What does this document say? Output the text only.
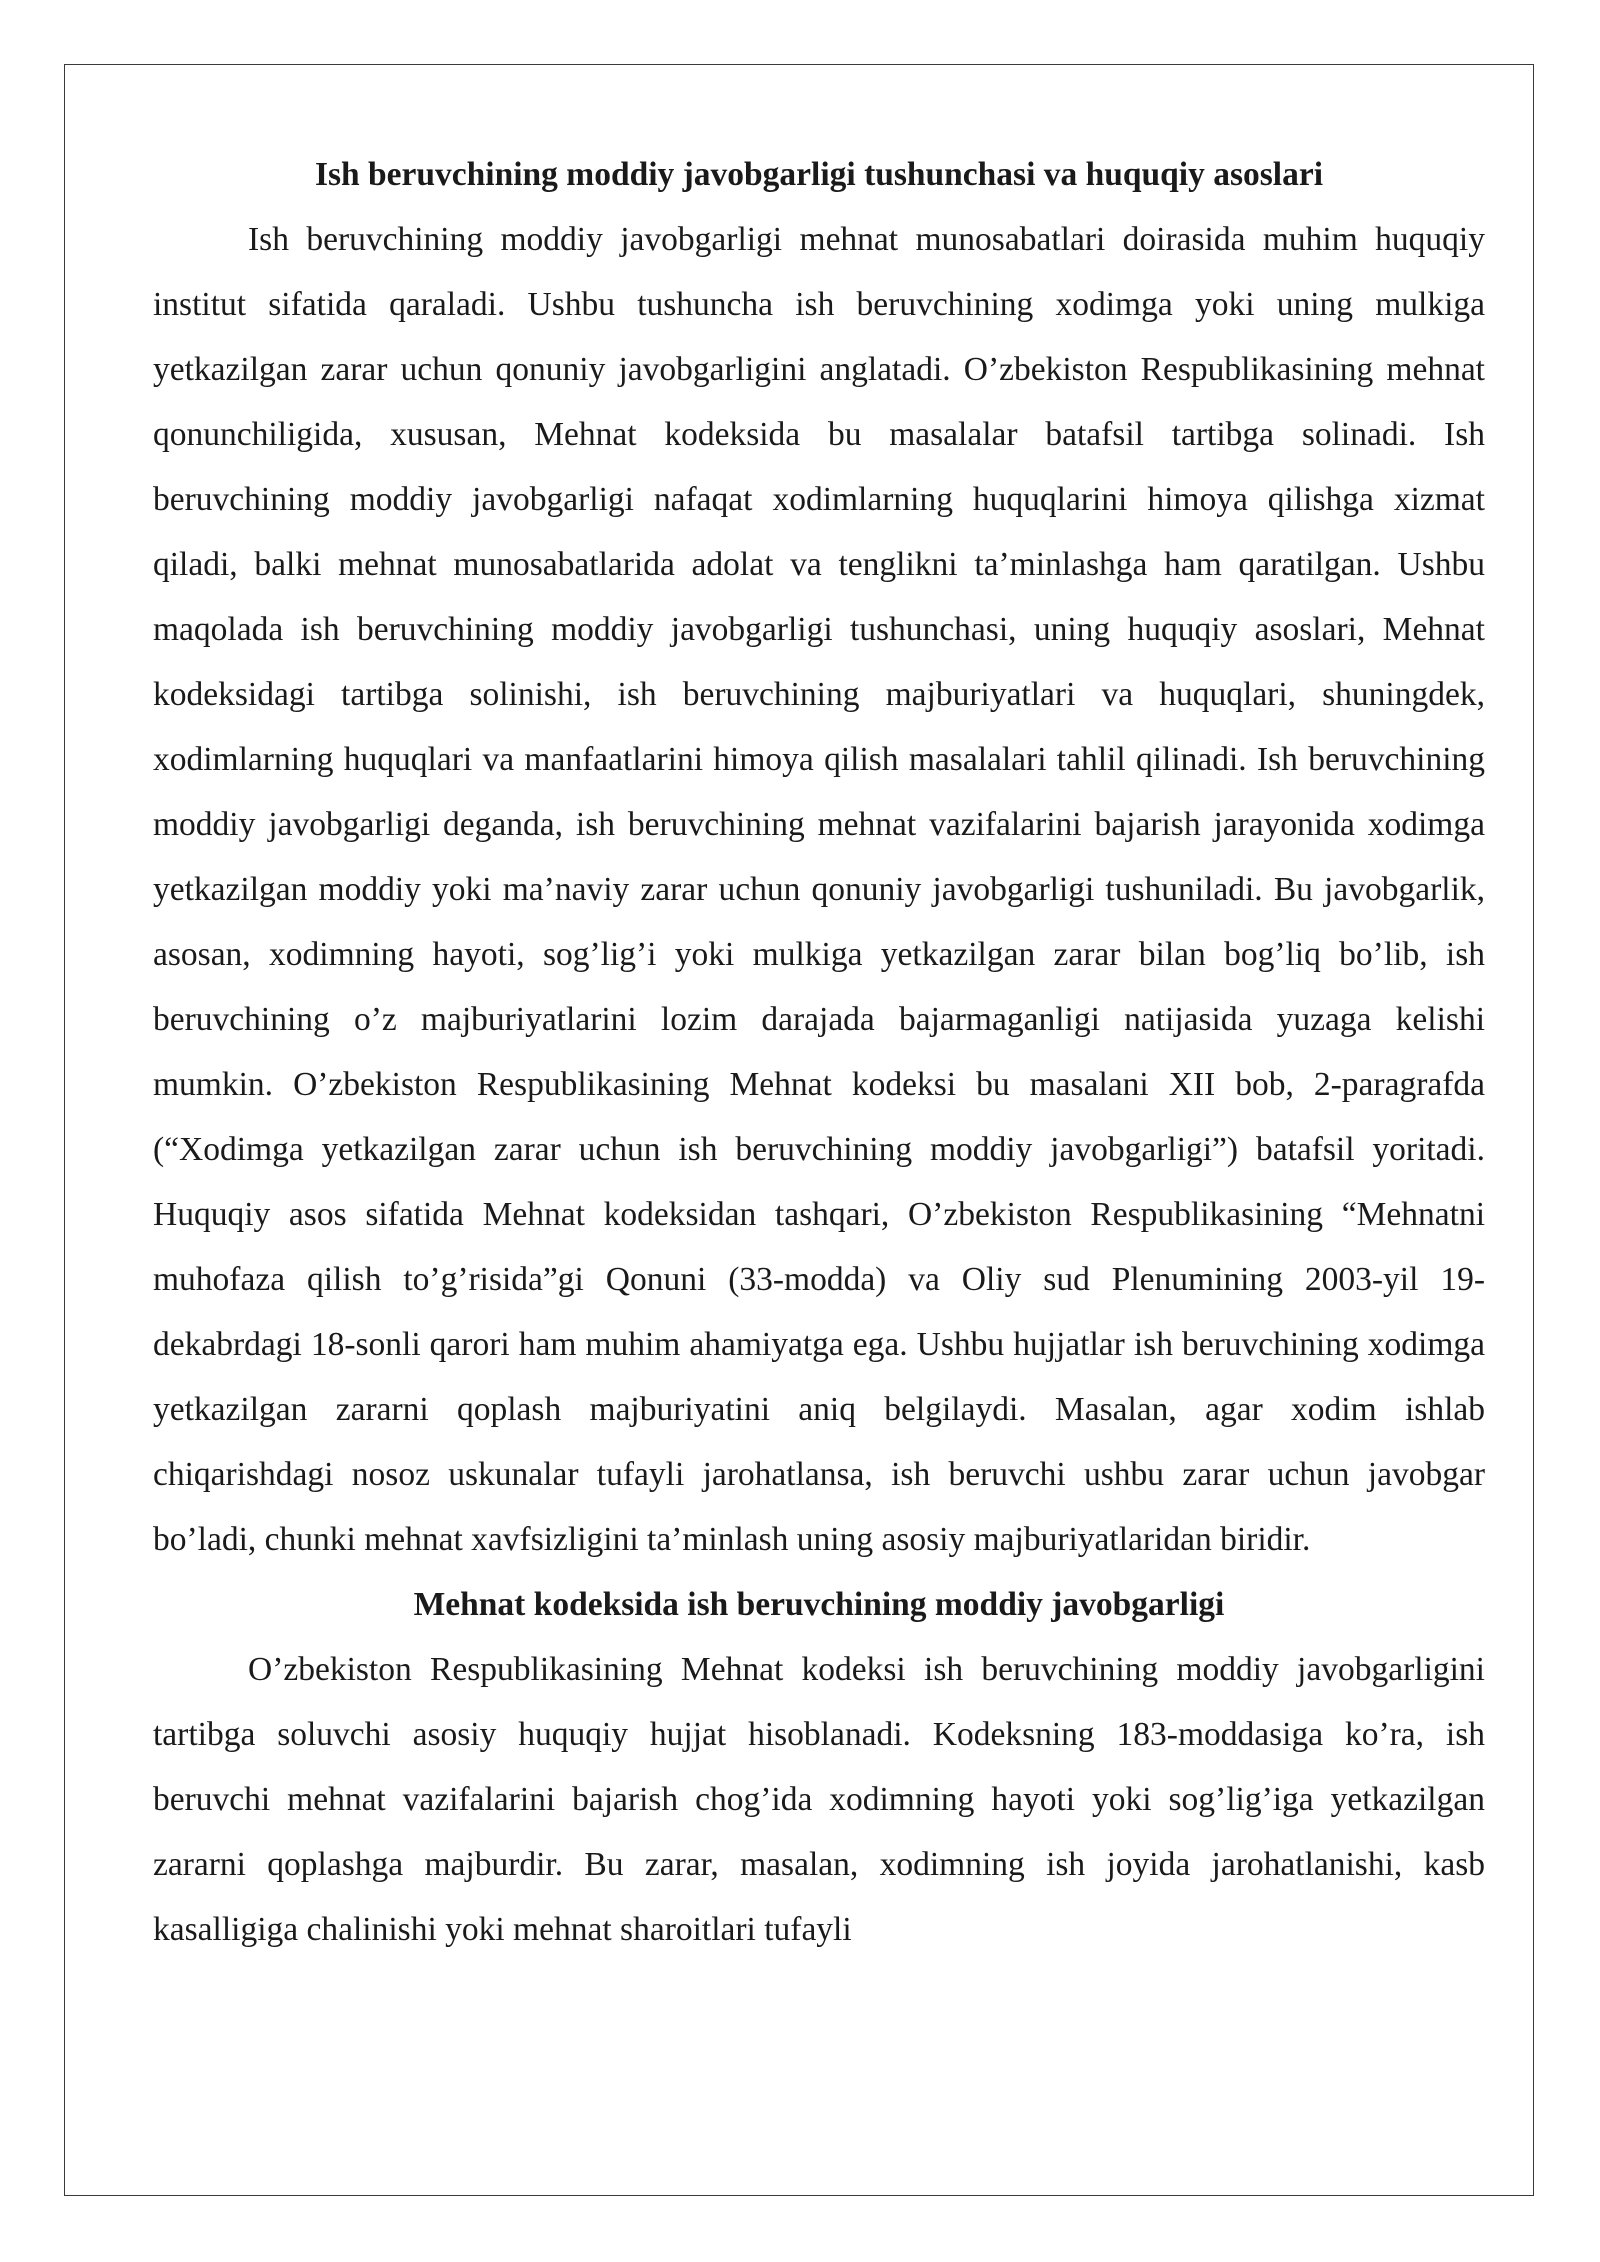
Ish beruvchining moddiy javobgarligi tushunchasi va huquqiy asoslari

Ish beruvchining moddiy javobgarligi mehnat munosabatlari doirasida muhim huquqiy institut sifatida qaraladi. Ushbu tushuncha ish beruvchining xodimga yoki uning mulkiga yetkazilgan zarar uchun qonuniy javobgarligini anglatadi. O’zbekiston Respublikasining mehnat qonunchiligida, xususan, Mehnat kodeksida bu masalalar batafsil tartibga solinadi. Ish beruvchining moddiy javobgarligi nafaqat xodimlarning huquqlarini himoya qilishga xizmat qiladi, balki mehnat munosabatlarida adolat va tenglikni ta’minlashga ham qaratilgan. Ushbu maqolada ish beruvchining moddiy javobgarligi tushunchasi, uning huquqiy asoslari, Mehnat kodeksidagi tartibga solinishi, ish beruvchining majburiyatlari va huquqlari, shuningdek, xodimlarning huquqlari va manfaatlarini himoya qilish masalalari tahlil qilinadi. Ish beruvchining moddiy javobgarligi deganda, ish beruvchining mehnat vazifalarini bajarish jarayonida xodimga yetkazilgan moddiy yoki ma’naviy zarar uchun qonuniy javobgarligi tushuniladi. Bu javobgarlik, asosan, xodimning hayoti, sog’lig’i yoki mulkiga yetkazilgan zarar bilan bog’liq bo’lib, ish beruvchining o’z majburiyatlarini lozim darajada bajarmaganligi natijasida yuzaga kelishi mumkin. O’zbekiston Respublikasining Mehnat kodeksi bu masalani XII bob, 2-paragrafda (“Xodimga yetkazilgan zarar uchun ish beruvchining moddiy javobgarligi”) batafsil yoritadi. Huquqiy asos sifatida Mehnat kodeksidan tashqari, O’zbekiston Respublikasining “Mehnatni muhofaza qilish to’g’risida”gi Qonuni (33-modda) va Oliy sud Plenumining 2003-yil 19-dekabrdagi 18-sonli qarori ham muhim ahamiyatga ega. Ushbu hujjatlar ish beruvchining xodimga yetkazilgan zararni qoplash majburiyatini aniq belgilaydi. Masalan, agar xodim ishlab chiqarishdagi nosoz uskunalar tufayli jarohatlansa, ish beruvchi ushbu zarar uchun javobgar bo’ladi, chunki mehnat xavfsizligini ta’minlash uning asosiy majburiyatlaridan biridir.

Mehnat kodeksida ish beruvchining moddiy javobgarligi

O’zbekiston Respublikasining Mehnat kodeksi ish beruvchining moddiy javobgarligini tartibga soluvchi asosiy huquqiy hujjat hisoblanadi. Kodeksning 183-moddasiga ko’ra, ish beruvchi mehnat vazifalarini bajarish chog’ida xodimning hayoti yoki sog’lig’iga yetkazilgan zararni qoplashga majburdir. Bu zarar, masalan, xodimning ish joyida jarohatlanishi, kasb kasalligiga chalinishi yoki mehnat sharoitlari tufayli
